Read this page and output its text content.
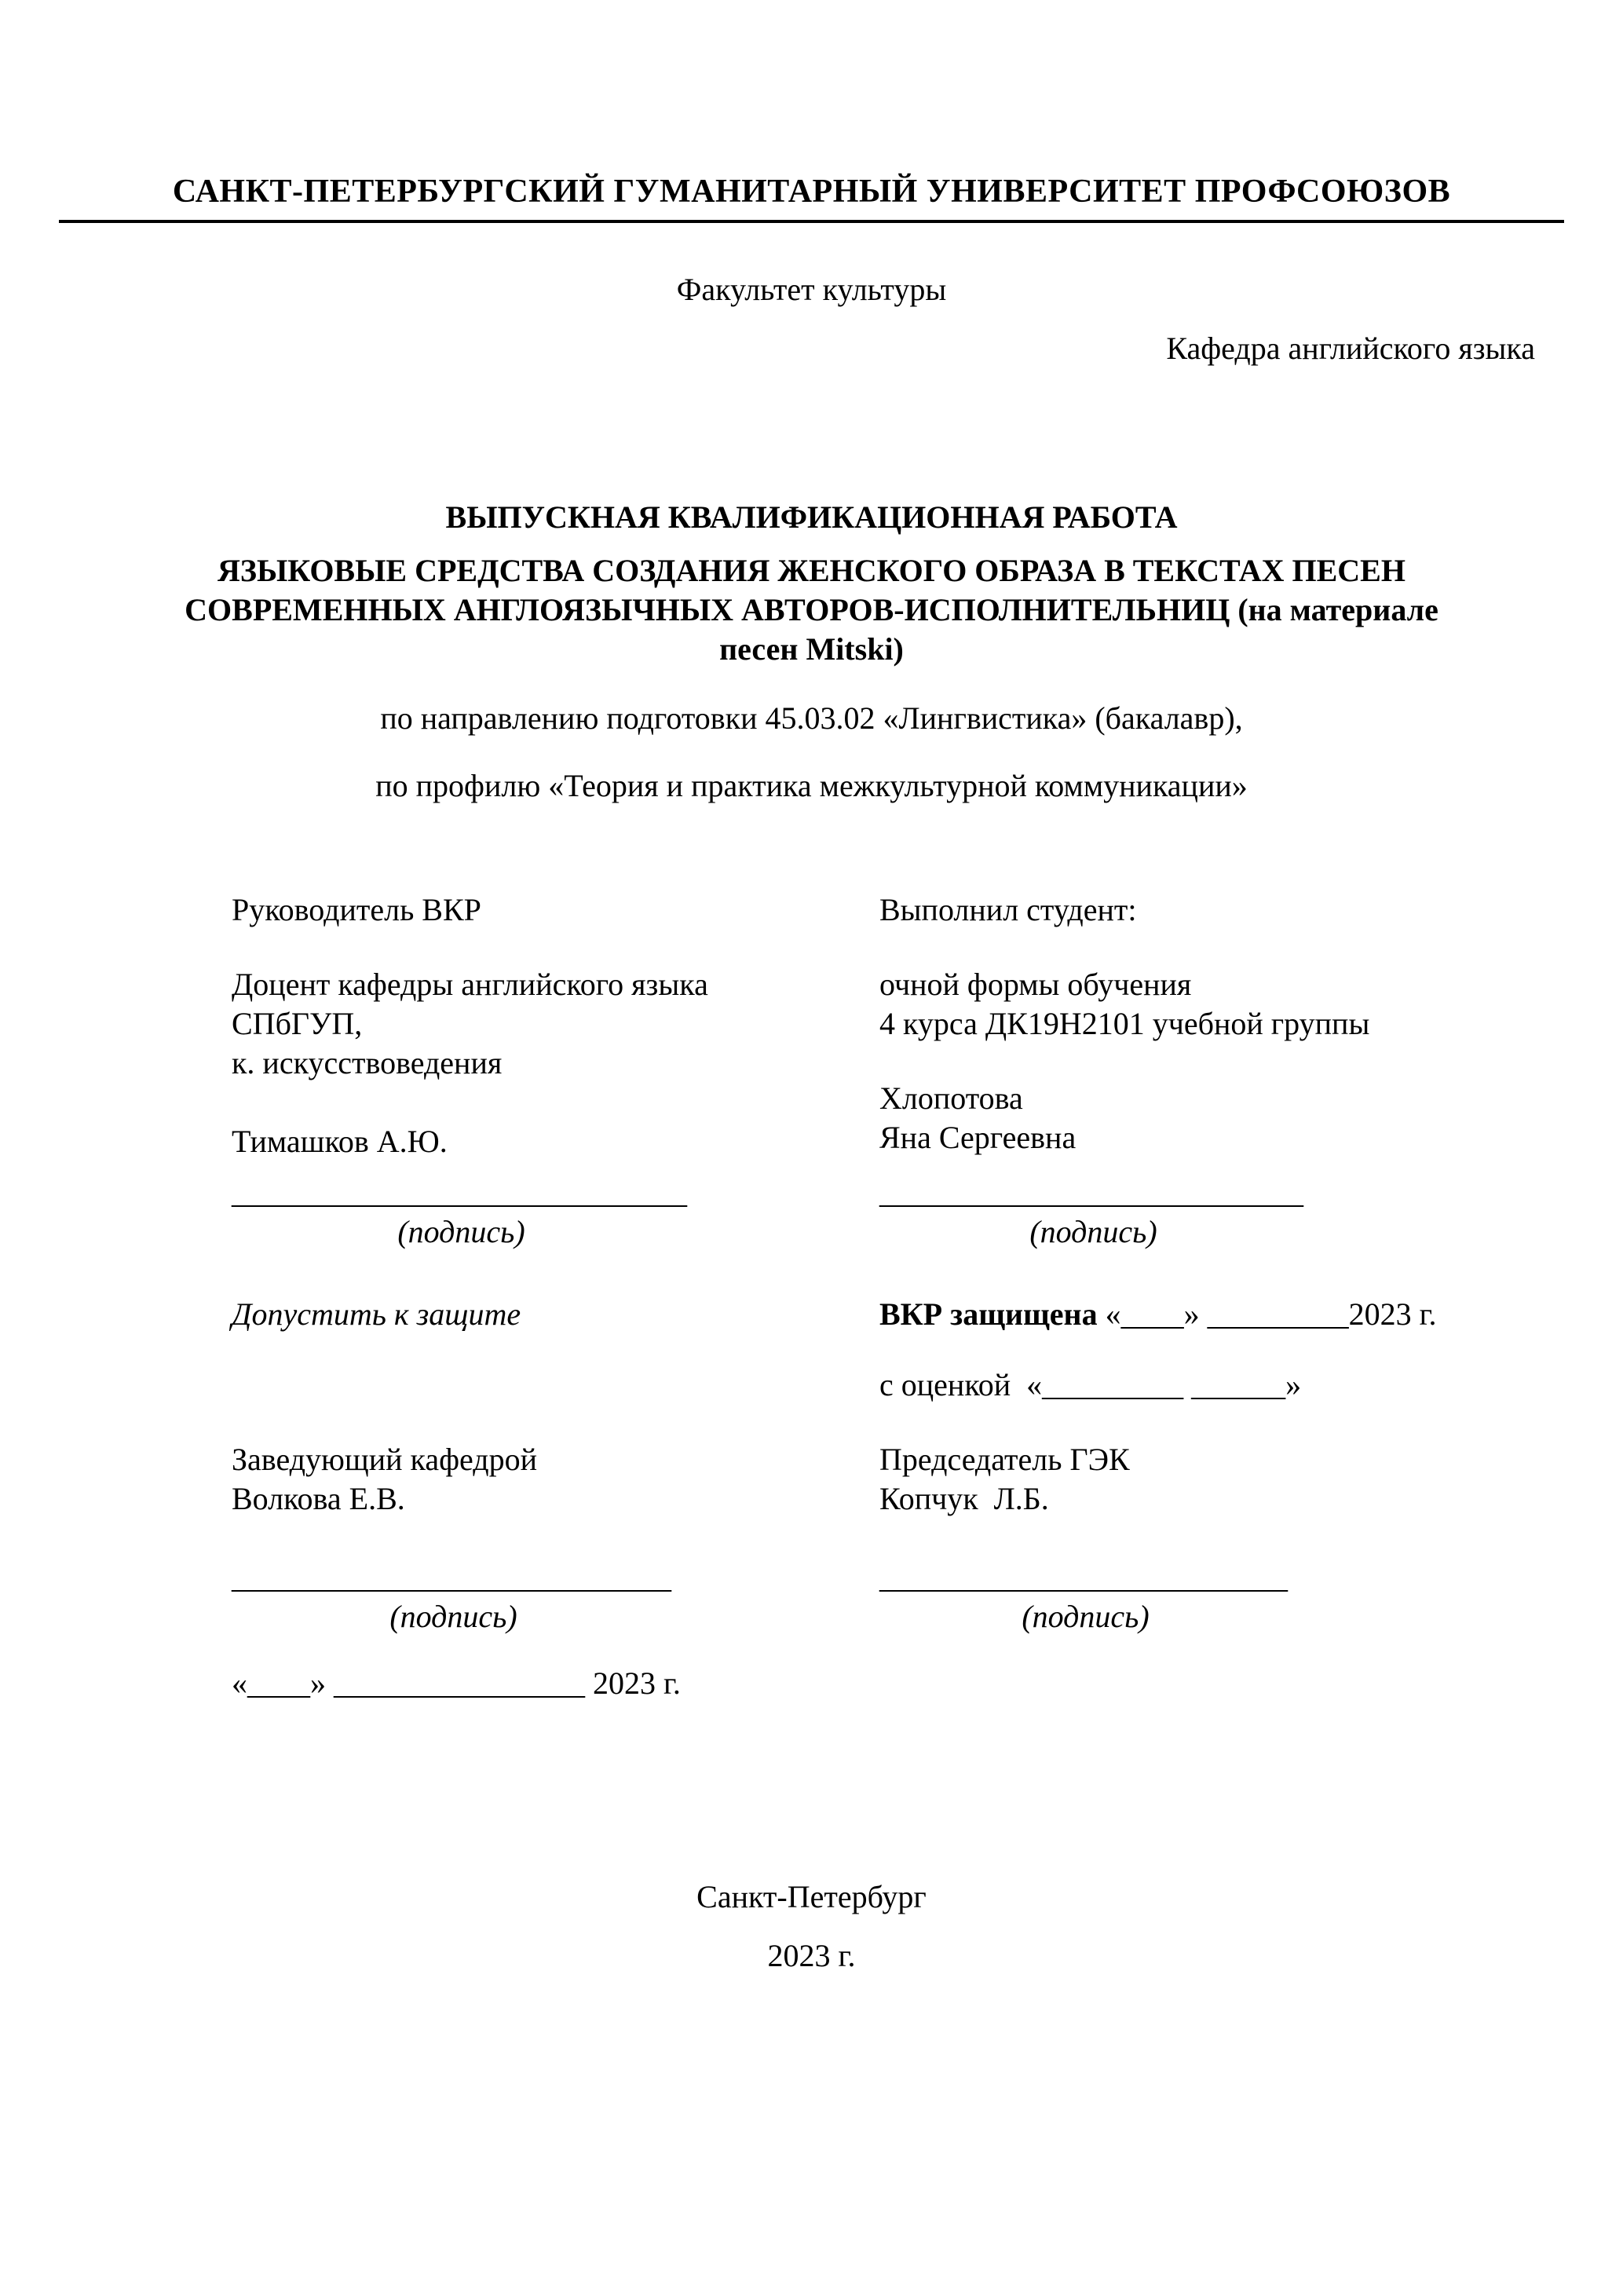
САНКТ-ПЕТЕРБУРГСКИЙ ГУМАНИТАРНЫЙ УНИВЕРСИТЕТ ПРОФСОЮЗОВ
Факультет культуры
Кафедра английского языка
ВЫПУСКНАЯ КВАЛИФИКАЦИОННАЯ РАБОТА
ЯЗЫКОВЫЕ СРЕДСТВА СОЗДАНИЯ ЖЕНСКОГО ОБРАЗА В ТЕКСТАХ ПЕСЕН СОВРЕМЕННЫХ АНГЛОЯЗЫЧНЫХ АВТОРОВ-ИСПОЛНИТЕЛЬНИЦ (на материале песен Mitski)
по направлению подготовки 45.03.02 «Лингвистика» (бакалавр),
по профилю «Теория и практика межкультурной коммуникации»
Руководитель ВКР
Доцент кафедры английского языка
СПбГУП,
к. искусствоведения
Тимашков А.Ю.
_____________________________
(подпись)
Выполнил студент:
очной формы обучения
4 курса ДК19Н2101 учебной группы
Хлопотова
Яна Сергеевна
___________________________
(подпись)
Допустить к защите
Заведующий кафедрой
Волкова Е.В.
____________________________
(подпись)
«____» ________________ 2023 г.
ВКР защищена «____» _________2023 г.
с оценкой  «_________ ______»
Председатель ГЭК
Копчук  Л.Б.
__________________________
(подпись)
Санкт-Петербург
2023 г.
